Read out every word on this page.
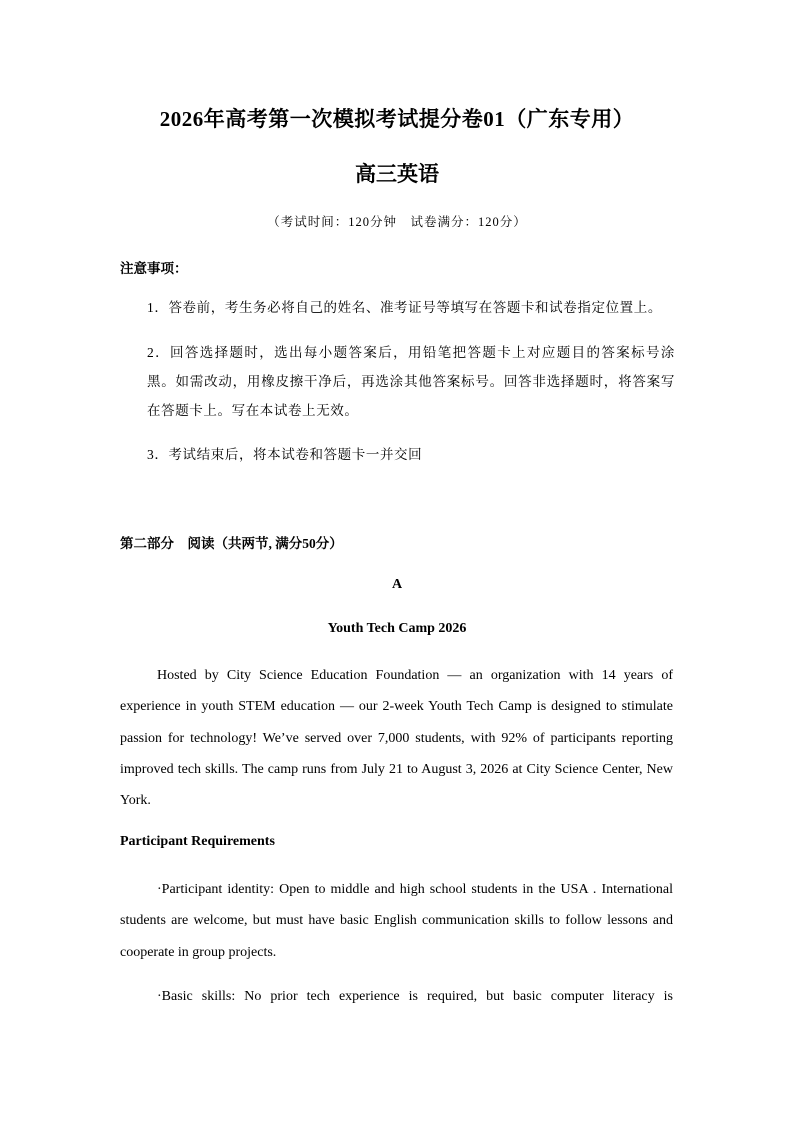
2026年高考第一次模拟考试提分卷01（广东专用）
高三英语
（考试时间：120分钟　试卷满分：120分）
注意事项：
1．答卷前，考生务必将自己的姓名、准考证号等填写在答题卡和试卷指定位置上。
2．回答选择题时，选出每小题答案后，用铅笔把答题卡上对应题目的答案标号涂黑。如需改动，用橡皮擦干净后，再选涂其他答案标号。回答非选择题时，将答案写在答题卡上。写在本试卷上无效。
3．考试结束后，将本试卷和答题卡一并交回
第二部分　阅读（共两节, 满分50分）
A
Youth Tech Camp 2026
Hosted by City Science Education Foundation — an organization with 14 years of experience in youth STEM education — our 2-week Youth Tech Camp is designed to stimulate passion for technology! We’ve served over 7,000 students, with 92% of participants reporting improved tech skills. The camp runs from July 21 to August 3, 2026 at City Science Center, New York.
Participant Requirements
· Participant identity: Open to middle and high school students in the USA . International students are welcome, but must have basic English communication skills to follow lessons and cooperate in group projects.
· Basic skills: No prior tech experience is required, but basic computer literacy is
